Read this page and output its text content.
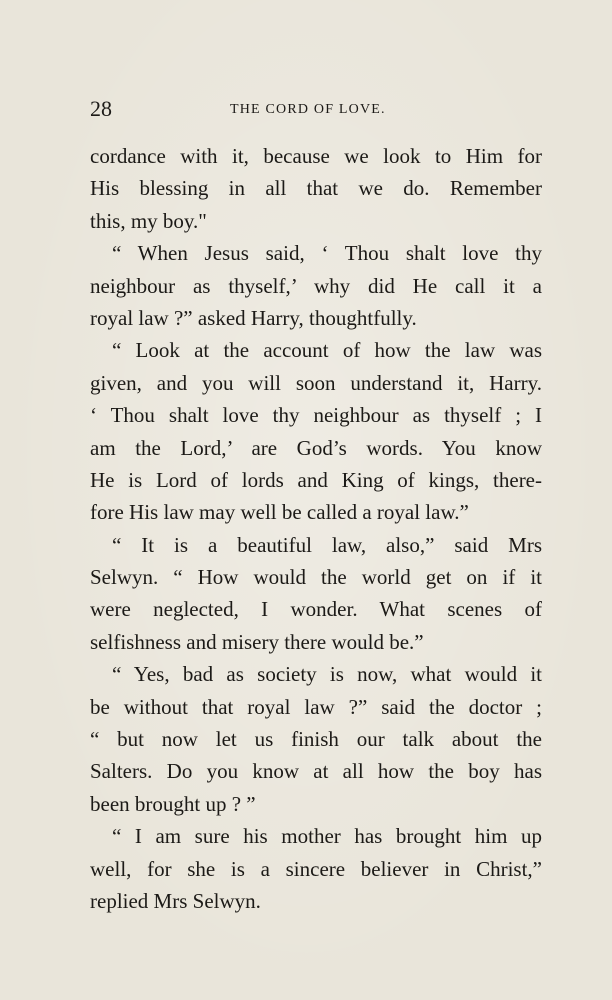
28	THE CORD OF LOVE.
cordance with it, because we look to Him for
His blessing in all that we do. Remember
this, my boy."
“ When Jesus said, ‘ Thou shalt love thy
neighbour as thyself,’ why did He call it a
royal law ?” asked Harry, thoughtfully.
“ Look at the account of how the law was
given, and you will soon understand it, Harry.
‘ Thou shalt love thy neighbour as thyself ; I
am the Lord,’ are God’s words. You know
He is Lord of lords and King of kings, there-
fore His law may well be called a royal law.”
“ It is a beautiful law, also,” said Mrs
Selwyn. “ How would the world get on if it
were neglected, I wonder. What scenes of
selfishness and misery there would be.”
“ Yes, bad as society is now, what would it
be without that royal law ?” said the doctor ;
“ but now let us finish our talk about the
Salters. Do you know at all how the boy has
been brought up ? ”
“ I am sure his mother has brought him up
well, for she is a sincere believer in Christ,”
replied Mrs Selwyn.
